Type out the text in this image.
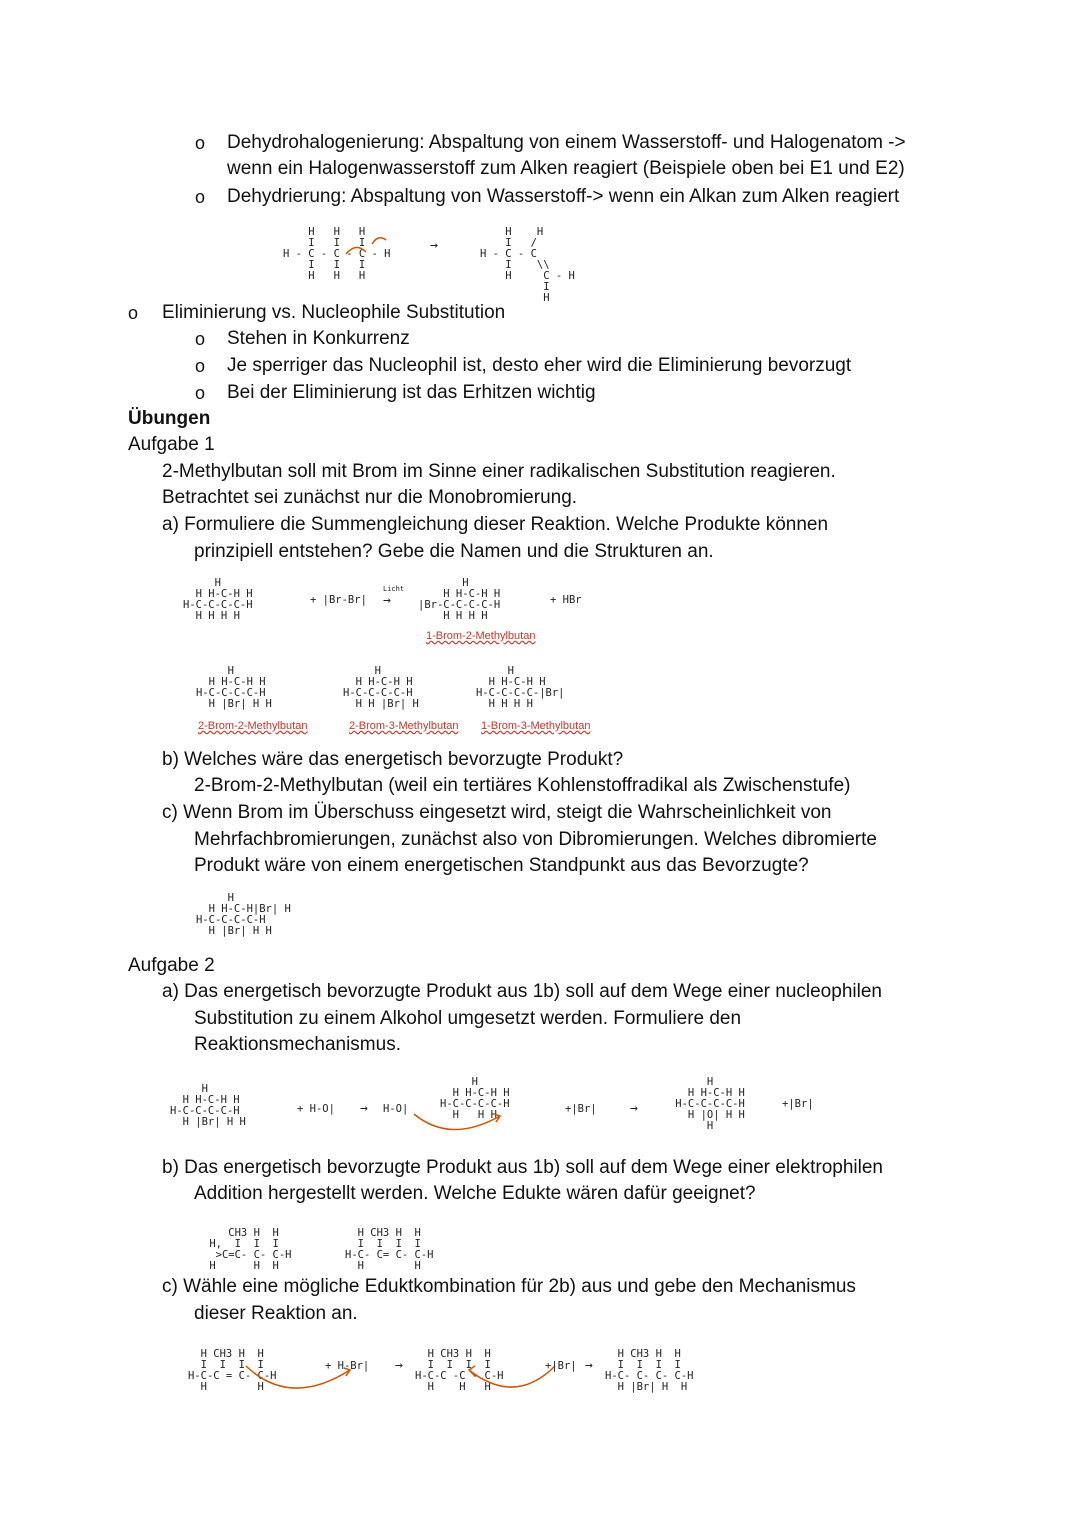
o Dehydrohalogenierung: Abspaltung von einem Wasserstoff- und Halogenatom ->
wenn ein Halogenwasserstoff zum Alken reagiert (Beispiele oben bei E1 und E2)
o Dehydrierung: Abspaltung von Wasserstoff-> wenn ein Alkan zum Alken reagiert
H   H   H
I   I   I
H - C - C - C - H
I   I   I
H   H   H
→
H    H
I   /
H - C - C
I    \\
H     C - H
I
H
o Eliminierung vs. Nucleophile Substitution
o Stehen in Konkurrenz
o Je sperriger das Nucleophil ist, desto eher wird die Eliminierung bevorzugt
o Bei der Eliminierung ist das Erhitzen wichtig
Übungen
Aufgabe 1
2-Methylbutan soll mit Brom im Sinne einer radikalischen Substitution reagieren.
Betrachtet sei zunächst nur die Monobromierung.
a) Formuliere die Summengleichung dieser Reaktion. Welche Produkte können
prinzipiell entstehen? Gebe die Namen und die Strukturen an.
H
H H-C-H H
H-C-C-C-C-H
H H H H
+ |Br-Br|
Licht
→
H
H H-C-H H
|Br-C-C-C-C-H
H H H H
+ HBr
1-Brom-2-Methylbutan
H
H H-C-H H
H-C-C-C-C-H
H |Br| H H
H
H H-C-H H
H-C-C-C-C-H
H H |Br| H
H
H H-C-H H
H-C-C-C-C-|Br|
H H H H
2-Brom-2-Methylbutan	2-Brom-3-Methylbutan 1-Brom-3-Methylbutan
b) Welches wäre das energetisch bevorzugte Produkt?
2-Brom-2-Methylbutan (weil ein tertiäres Kohlenstoffradikal als Zwischenstufe)
c) Wenn Brom im Überschuss eingesetzt wird, steigt die Wahrscheinlichkeit von
Mehrfachbromierungen, zunächst also von Dibromierungen. Welches dibromierte
Produkt wäre von einem energetischen Standpunkt aus das Bevorzugte?
H
H H-C-H|Br| H
H-C-C-C-C-H
H |Br| H H
Aufgabe 2
a) Das energetisch bevorzugte Produkt aus 1b) soll auf dem Wege einer nucleophilen
Substitution zu einem Alkohol umgesetzt werden. Formuliere den
Reaktionsmechanismus.
H
H H-C-H H
H-C-C-C-C-H
H |Br| H H
+ H-O| → H-O|
H
H H-C-H H
H-C-C-C-C-H
H   H H	+|Br|	→
H
H H-C-H H
H-C-C-C-C-H
H |O| H H
H
+|Br|
b) Das energetisch bevorzugte Produkt aus 1b) soll auf dem Wege einer elektrophilen
Addition hergestellt werden. Welche Edukte wären dafür geeignet?
CH3 H  H
H,  I  I  I
>C=C- C- C-H
H      H  H
H CH3 H  H
I  I  I  I
H-C- C= C- C-H
H        H
c) Wähle eine mögliche Eduktkombination für 2b) aus und gebe den Mechanismus
dieser Reaktion an.
H CH3 H  H
I  I  I  I
H-C-C = C- C-H
H        H
+ H-Br| →
H CH3 H  H
I  I  I  I
H-C-C -C - C-H
H    H   H
+|Br| →
H CH3 H  H
I  I  I  I
H-C- C- C- C-H
H |Br| H  H
